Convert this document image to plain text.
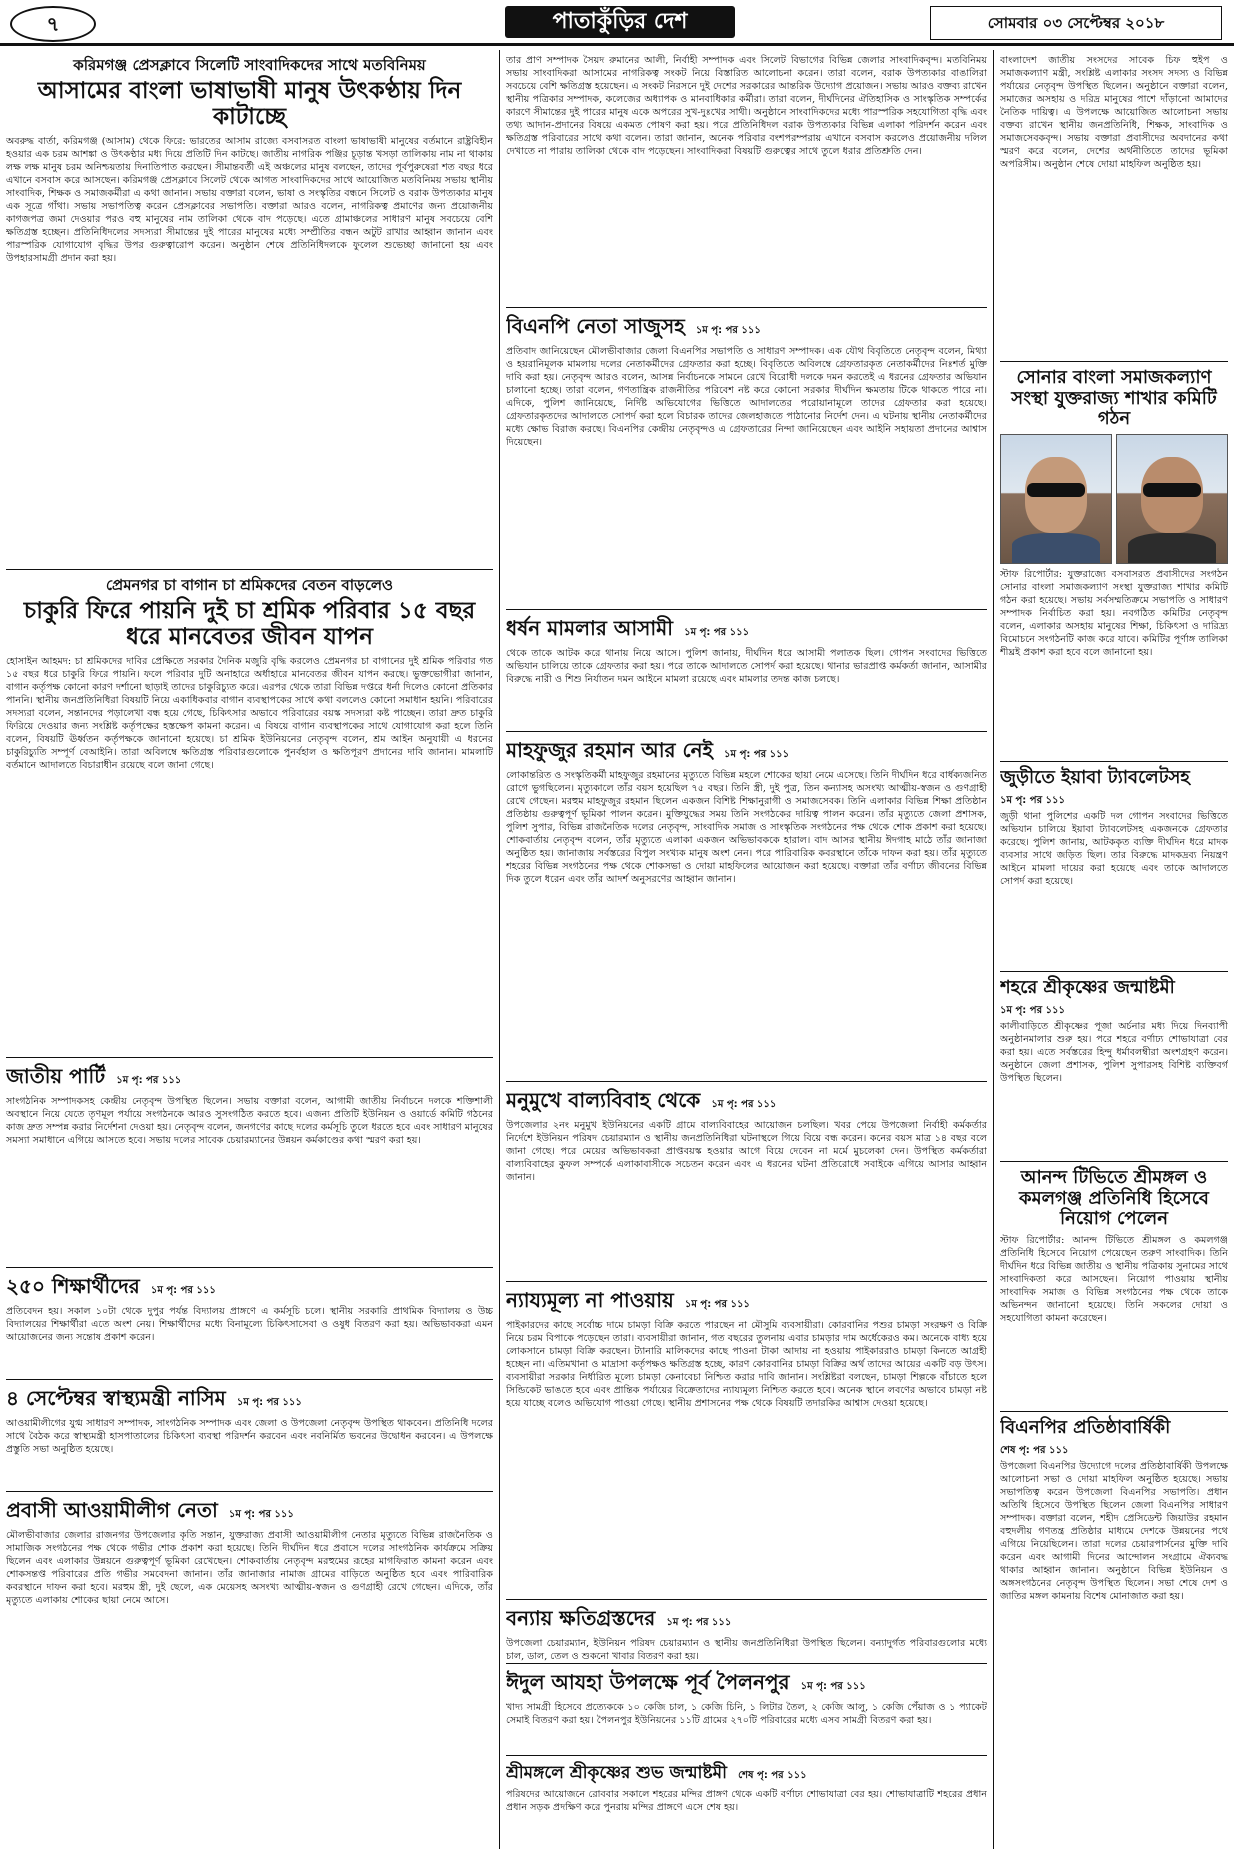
৭	পাতাকুঁড়ির দেশ	সোমবার ০৩ সেপ্টেম্বর ২০১৮
করিমগঞ্জ প্রেসক্লাবে সিলেটি সাংবাদিকদের সাথে মতবিনিময়
আসামের বাংলা ভাষাভাষী মানুষ উৎকণ্ঠায় দিন কাটাচ্ছে

অবরুদ্ধ বার্তা, করিমগঞ্জ (আসাম) থেকে ফিরে: ভারতের আসাম রাজ্যে বসবাসরত বাংলা ভাষাভাষী মানুষের বর্তমানে রাষ্ট্রবিহীন হওয়ার এক চরম আশঙ্কা ও উৎকণ্ঠার মধ্য দিয়ে প্রতিটি দিন কাটছে। জাতীয় নাগরিক পঞ্জির চূড়ান্ত খসড়া তালিকায় নাম না থাকায় লক্ষ লক্ষ মানুষ চরম অনিশ্চয়তায় দিনাতিপাত করছেন। সীমান্তবর্তী এই অঞ্চলের মানুষ বলছেন, তাদের পূর্বপুরুষেরা শত বছর ধরে এখানে বসবাস করে আসছেন। করিমগঞ্জ প্রেসক্লাবে সিলেট থেকে আগত সাংবাদিকদের সাথে আয়োজিত মতবিনিময় সভায় স্থানীয় সাংবাদিক, শিক্ষক ও সমাজকর্মীরা এ কথা জানান। সভায় বক্তারা বলেন, ভাষা ও সংস্কৃতির বন্ধনে সিলেট ও বরাক উপত্যকার মানুষ এক সূত্রে গাঁথা। সভায় সভাপতিত্ব করেন প্রেসক্লাবের সভাপতি। বক্তারা আরও বলেন, নাগরিকত্ব প্রমাণের জন্য প্রয়োজনীয় কাগজপত্র জমা দেওয়ার পরও বহু মানুষের নাম তালিকা থেকে বাদ পড়েছে। এতে গ্রামাঞ্চলের সাধারণ মানুষ সবচেয়ে বেশি ক্ষতিগ্রস্ত হচ্ছেন। প্রতিনিধিদলের সদস্যরা সীমান্তের দুই পারের মানুষের মধ্যে সম্প্রীতির বন্ধন অটুট রাখার আহ্বান জানান এবং পারস্পরিক যোগাযোগ বৃদ্ধির উপর গুরুত্বারোপ করেন। অনুষ্ঠান শেষে প্রতিনিধিদলকে ফুলেল শুভেচ্ছা জানানো হয় এবং উপহারসামগ্রী প্রদান করা হয়।

প্রেমনগর চা বাগান চা শ্রমিকদের বেতন বাড়লেও
চাকুরি ফিরে পায়নি দুই চা শ্রমিক পরিবার ১৫ বছর ধরে মানবেতর জীবন যাপন

হোসাইন আহমদ: চা শ্রমিকদের দাবির প্রেক্ষিতে সরকার দৈনিক মজুরি বৃদ্ধি করলেও প্রেমনগর চা বাগানের দুই শ্রমিক পরিবার গত ১৫ বছর ধরে চাকুরি ফিরে পায়নি। ফলে পরিবার দুটি অনাহারে অর্ধাহারে মানবেতর জীবন যাপন করছে। ভুক্তভোগীরা জানান, বাগান কর্তৃপক্ষ কোনো কারণ দর্শানো ছাড়াই তাদের চাকুরিচ্যুত করে। এরপর থেকে তারা বিভিন্ন দপ্তরে ধর্না দিলেও কোনো প্রতিকার পাননি। স্থানীয় জনপ্রতিনিধিরা বিষয়টি নিয়ে একাধিকবার বাগান ব্যবস্থাপকের সাথে কথা বললেও কোনো সমাধান হয়নি। পরিবারের সদস্যরা বলেন, সন্তানদের পড়ালেখা বন্ধ হয়ে গেছে, চিকিৎসার অভাবে পরিবারের বয়স্ক সদস্যরা কষ্ট পাচ্ছেন। তারা দ্রুত চাকুরি ফিরিয়ে দেওয়ার জন্য সংশ্লিষ্ট কর্তৃপক্ষের হস্তক্ষেপ কামনা করেন। এ বিষয়ে বাগান ব্যবস্থাপকের সাথে যোগাযোগ করা হলে তিনি বলেন, বিষয়টি ঊর্ধ্বতন কর্তৃপক্ষকে জানানো হয়েছে। চা শ্রমিক ইউনিয়নের নেতৃবৃন্দ বলেন, শ্রম আইন অনুযায়ী এ ধরনের চাকুরিচ্যুতি সম্পূর্ণ বেআইনি। তারা অবিলম্বে ক্ষতিগ্রস্ত পরিবারগুলোকে পুনর্বহাল ও ক্ষতিপূরণ প্রদানের দাবি জানান। মামলাটি বর্তমানে আদালতে বিচারাধীন রয়েছে বলে জানা গেছে।

জাতীয় পার্টি ১ম পৃ: পর ১১১

সাংগঠনিক সম্পাদকসহ কেন্দ্রীয় নেতৃবৃন্দ উপস্থিত ছিলেন। সভায় বক্তারা বলেন, আগামী জাতীয় নির্বাচনে দলকে শক্তিশালী অবস্থানে নিয়ে যেতে তৃণমূল পর্যায়ে সংগঠনকে আরও সুসংগঠিত করতে হবে। এজন্য প্রতিটি ইউনিয়ন ও ওয়ার্ডে কমিটি গঠনের কাজ দ্রুত সম্পন্ন করার নির্দেশনা দেওয়া হয়। নেতৃবৃন্দ বলেন, জনগণের কাছে দলের কর্মসূচি তুলে ধরতে হবে এবং সাধারণ মানুষের সমস্যা সমাধানে এগিয়ে আসতে হবে। সভায় দলের সাবেক চেয়ারম্যানের উন্নয়ন কর্মকাণ্ডের কথা স্মরণ করা হয়।

২৫০ শিক্ষার্থীদের ১ম পৃ: পর ১১১

প্রতিবেদন হয়। সকাল ১০টা থেকে দুপুর পর্যন্ত বিদ্যালয় প্রাঙ্গণে এ কর্মসূচি চলে। স্থানীয় সরকারি প্রাথমিক বিদ্যালয় ও উচ্চ বিদ্যালয়ের শিক্ষার্থীরা এতে অংশ নেয়। শিক্ষার্থীদের মধ্যে বিনামূল্যে চিকিৎসাসেবা ও ওষুধ বিতরণ করা হয়। অভিভাবকরা এমন আয়োজনের জন্য সন্তোষ প্রকাশ করেন।

৪ সেপ্টেম্বর স্বাস্থ্যমন্ত্রী নাসিম ১ম পৃ: পর ১১১

আওয়ামীলীগের যুগ্ম সাধারণ সম্পাদক, সাংগঠনিক সম্পাদক এবং জেলা ও উপজেলা নেতৃবৃন্দ উপস্থিত থাকবেন। প্রতিনিধি দলের সাথে বৈঠক করে স্বাস্থ্যমন্ত্রী হাসপাতালের চিকিৎসা ব্যবস্থা পরিদর্শন করবেন এবং নবনির্মিত ভবনের উদ্বোধন করবেন। এ উপলক্ষে প্রস্তুতি সভা অনুষ্ঠিত হয়েছে।

প্রবাসী আওয়ামীলীগ নেতা ১ম পৃ: পর ১১১

মৌলভীবাজার জেলার রাজনগর উপজেলার কৃতি সন্তান, যুক্তরাজ্য প্রবাসী আওয়ামীলীগ নেতার মৃত্যুতে বিভিন্ন রাজনৈতিক ও সামাজিক সংগঠনের পক্ষ থেকে গভীর শোক প্রকাশ করা হয়েছে। তিনি দীর্ঘদিন ধরে প্রবাসে দলের সাংগঠনিক কার্যক্রমে সক্রিয় ছিলেন এবং এলাকার উন্নয়নে গুরুত্বপূর্ণ ভূমিকা রেখেছেন। শোকবার্তায় নেতৃবৃন্দ মরহুমের রূহের মাগফিরাত কামনা করেন এবং শোকসন্তপ্ত পরিবারের প্রতি গভীর সমবেদনা জানান। তাঁর জানাজার নামাজ গ্রামের বাড়িতে অনুষ্ঠিত হবে এবং পারিবারিক কবরস্থানে দাফন করা হবে। মরহুম স্ত্রী, দুই ছেলে, এক মেয়েসহ অসংখ্য আত্মীয়-স্বজন ও গুণগ্রাহী রেখে গেছেন। এদিকে, তাঁর মৃত্যুতে এলাকায় শোকের ছায়া নেমে আসে।

তার প্রাণ সম্পাদক সৈয়দ রুমানের আলী, নির্বাহী সম্পাদক এবং সিলেট বিভাগের বিভিন্ন জেলার সাংবাদিকবৃন্দ। মতবিনিময় সভায় সাংবাদিকরা আসামের নাগরিকত্ব সংকট নিয়ে বিস্তারিত আলোচনা করেন। তারা বলেন, বরাক উপত্যকার বাঙালিরা সবচেয়ে বেশি ক্ষতিগ্রস্ত হয়েছেন। এ সংকট নিরসনে দুই দেশের সরকারের আন্তরিক উদ্যোগ প্রয়োজন। সভায় আরও বক্তব্য রাখেন স্থানীয় পত্রিকার সম্পাদক, কলেজের অধ্যাপক ও মানবাধিকার কর্মীরা। তারা বলেন, দীর্ঘদিনের ঐতিহাসিক ও সাংস্কৃতিক সম্পর্কের কারণে সীমান্তের দুই পারের মানুষ একে অপরের সুখ-দুঃখের সাথী। অনুষ্ঠানে সাংবাদিকদের মধ্যে পারস্পরিক সহযোগিতা বৃদ্ধি এবং তথ্য আদান-প্রদানের বিষয়ে একমত পোষণ করা হয়। পরে প্রতিনিধিদল বরাক উপত্যকার বিভিন্ন এলাকা পরিদর্শন করেন এবং ক্ষতিগ্রস্ত পরিবারের সাথে কথা বলেন। তারা জানান, অনেক পরিবার বংশপরম্পরায় এখানে বসবাস করলেও প্রয়োজনীয় দলিল দেখাতে না পারায় তালিকা থেকে বাদ পড়েছেন। সাংবাদিকরা বিষয়টি গুরুত্বের সাথে তুলে ধরার প্রতিশ্রুতি দেন।

বিএনপি নেতা সাজুসহ ১ম পৃ: পর ১১১

প্রতিবাদ জানিয়েছেন মৌলভীবাজার জেলা বিএনপির সভাপতি ও সাধারণ সম্পাদক। এক যৌথ বিবৃতিতে নেতৃবৃন্দ বলেন, মিথ্যা ও হয়রানিমূলক মামলায় দলের নেতাকর্মীদের গ্রেফতার করা হচ্ছে। বিবৃতিতে অবিলম্বে গ্রেফতারকৃত নেতাকর্মীদের নিঃশর্ত মুক্তি দাবি করা হয়। নেতৃবৃন্দ আরও বলেন, আসন্ন নির্বাচনকে সামনে রেখে বিরোধী দলকে দমন করতেই এ ধরনের গ্রেফতার অভিযান চালানো হচ্ছে। তারা বলেন, গণতান্ত্রিক রাজনীতির পরিবেশ নষ্ট করে কোনো সরকার দীর্ঘদিন ক্ষমতায় টিকে থাকতে পারে না। এদিকে, পুলিশ জানিয়েছে, নির্দিষ্ট অভিযোগের ভিত্তিতে আদালতের পরোয়ানামূলে তাদের গ্রেফতার করা হয়েছে। গ্রেফতারকৃতদের আদালতে সোপর্দ করা হলে বিচারক তাদের জেলহাজতে পাঠানোর নির্দেশ দেন। এ ঘটনায় স্থানীয় নেতাকর্মীদের মধ্যে ক্ষোভ বিরাজ করছে। বিএনপির কেন্দ্রীয় নেতৃবৃন্দও এ গ্রেফতারের নিন্দা জানিয়েছেন এবং আইনি সহায়তা প্রদানের আশ্বাস দিয়েছেন।

ধর্ষন মামলার আসামী ১ম পৃ: পর ১১১

থেকে তাকে আটক করে থানায় নিয়ে আসে। পুলিশ জানায়, দীর্ঘদিন ধরে আসামী পলাতক ছিল। গোপন সংবাদের ভিত্তিতে অভিযান চালিয়ে তাকে গ্রেফতার করা হয়। পরে তাকে আদালতে সোপর্দ করা হয়েছে। থানার ভারপ্রাপ্ত কর্মকর্তা জানান, আসামীর বিরুদ্ধে নারী ও শিশু নির্যাতন দমন আইনে মামলা রয়েছে এবং মামলার তদন্ত কাজ চলছে।

মাহফুজুর রহমান আর নেই ১ম পৃ: পর ১১১

লোকান্তরিত ও সংস্কৃতিকর্মী মাহফুজুর রহমানের মৃত্যুতে বিভিন্ন মহলে শোকের ছায়া নেমে এসেছে। তিনি দীর্ঘদিন ধরে বার্ধক্যজনিত রোগে ভুগছিলেন। মৃত্যুকালে তাঁর বয়স হয়েছিল ৭৫ বছর। তিনি স্ত্রী, দুই পুত্র, তিন কন্যাসহ অসংখ্য আত্মীয়-স্বজন ও গুণগ্রাহী রেখে গেছেন। মরহুম মাহফুজুর রহমান ছিলেন একজন বিশিষ্ট শিক্ষানুরাগী ও সমাজসেবক। তিনি এলাকার বিভিন্ন শিক্ষা প্রতিষ্ঠান প্রতিষ্ঠায় গুরুত্বপূর্ণ ভূমিকা পালন করেন। মুক্তিযুদ্ধের সময় তিনি সংগঠকের দায়িত্ব পালন করেন। তাঁর মৃত্যুতে জেলা প্রশাসক, পুলিশ সুপার, বিভিন্ন রাজনৈতিক দলের নেতৃবৃন্দ, সাংবাদিক সমাজ ও সাংস্কৃতিক সংগঠনের পক্ষ থেকে শোক প্রকাশ করা হয়েছে। শোকবার্তায় নেতৃবৃন্দ বলেন, তাঁর মৃত্যুতে এলাকা একজন অভিভাবককে হারাল। বাদ আসর স্থানীয় ঈদগাহ মাঠে তাঁর জানাজা অনুষ্ঠিত হয়। জানাজায় সর্বস্তরের বিপুল সংখ্যক মানুষ অংশ নেন। পরে পারিবারিক কবরস্থানে তাঁকে দাফন করা হয়। তাঁর মৃত্যুতে শহরের বিভিন্ন সংগঠনের পক্ষ থেকে শোকসভা ও দোয়া মাহফিলের আয়োজন করা হয়েছে। বক্তারা তাঁর বর্ণাঢ্য জীবনের বিভিন্ন দিক তুলে ধরেন এবং তাঁর আদর্শ অনুসরণের আহ্বান জানান।

মনুমুখে বাল্যবিবাহ থেকে ১ম পৃ: পর ১১১

উপজেলার ২নং মনুমুখ ইউনিয়নের একটি গ্রামে বাল্যবিবাহের আয়োজন চলছিল। খবর পেয়ে উপজেলা নির্বাহী কর্মকর্তার নির্দেশে ইউনিয়ন পরিষদ চেয়ারম্যান ও স্থানীয় জনপ্রতিনিধিরা ঘটনাস্থলে গিয়ে বিয়ে বন্ধ করেন। কনের বয়স মাত্র ১৪ বছর বলে জানা গেছে। পরে মেয়ের অভিভাবকরা প্রাপ্তবয়স্ক হওয়ার আগে বিয়ে দেবেন না মর্মে মুচলেকা দেন। উপস্থিত কর্মকর্তারা বাল্যবিবাহের কুফল সম্পর্কে এলাকাবাসীকে সচেতন করেন এবং এ ধরনের ঘটনা প্রতিরোধে সবাইকে এগিয়ে আসার আহ্বান জানান।

ন্যায্যমূল্য না পাওয়ায় ১ম পৃ: পর ১১১

পাইকারদের কাছে সর্বোচ্চ দামে চামড়া বিক্রি করতে পারছেন না মৌসুমি ব্যবসায়ীরা। কোরবানির পশুর চামড়া সংরক্ষণ ও বিক্রি নিয়ে চরম বিপাকে পড়েছেন তারা। ব্যবসায়ীরা জানান, গত বছরের তুলনায় এবার চামড়ার দাম অর্ধেকেরও কম। অনেকে বাধ্য হয়ে লোকসানে চামড়া বিক্রি করছেন। ট্যানারি মালিকদের কাছে পাওনা টাকা আদায় না হওয়ায় পাইকাররাও চামড়া কিনতে আগ্রহী হচ্ছেন না। এতিমখানা ও মাদ্রাসা কর্তৃপক্ষও ক্ষতিগ্রস্ত হচ্ছে, কারণ কোরবানির চামড়া বিক্রির অর্থ তাদের আয়ের একটি বড় উৎস। ব্যবসায়ীরা সরকার নির্ধারিত মূল্যে চামড়া কেনাবেচা নিশ্চিত করার দাবি জানান। সংশ্লিষ্টরা বলছেন, চামড়া শিল্পকে বাঁচাতে হলে সিন্ডিকেট ভাঙতে হবে এবং প্রান্তিক পর্যায়ের বিক্রেতাদের ন্যায্যমূল্য নিশ্চিত করতে হবে। অনেক স্থানে লবণের অভাবে চামড়া নষ্ট হয়ে যাচ্ছে বলেও অভিযোগ পাওয়া গেছে। স্থানীয় প্রশাসনের পক্ষ থেকে বিষয়টি তদারকির আশ্বাস দেওয়া হয়েছে।

বন্যায় ক্ষতিগ্রস্তদের ১ম পৃ: পর ১১১

উপজেলা চেয়ারম্যান, ইউনিয়ন পরিষদ চেয়ারম্যান ও স্থানীয় জনপ্রতিনিধিরা উপস্থিত ছিলেন। বন্যাদুর্গত পরিবারগুলোর মধ্যে চাল, ডাল, তেল ও শুকনো খাবার বিতরণ করা হয়।

ঈদুল আযহা উপলক্ষে পূর্ব পৈলনপুর ১ম পৃ: পর ১১১

খাদ্য সামগ্রী হিসেবে প্রত্যেককে ১০ কেজি চাল, ১ কেজি চিনি, ১ লিটার তৈল, ২ কেজি আলু, ১ কেজি পেঁয়াজ ও ১ প্যাকেট সেমাই বিতরণ করা হয়। পৈলনপুর ইউনিয়নের ১১টি গ্রামের ২৭০টি পরিবারের মধ্যে এসব সামগ্রী বিতরণ করা হয়।

শ্রীমঙ্গলে শ্রীকৃষ্ণের শুভ জন্মাষ্টমী শেষ পৃ: পর ১১১

পরিষদের আয়োজনে রোববার সকালে শহরের মন্দির প্রাঙ্গণ থেকে একটি বর্ণাঢ্য শোভাযাত্রা বের হয়। শোভাযাত্রাটি শহরের প্রধান প্রধান সড়ক প্রদক্ষিণ করে পুনরায় মন্দির প্রাঙ্গণে এসে শেষ হয়।

বাংলাদেশ জাতীয় সংসদের সাবেক চিফ হুইপ ও সমাজকল্যাণ মন্ত্রী, সংশ্লিষ্ট এলাকার সংসদ সদস্য ও বিভিন্ন পর্যায়ের নেতৃবৃন্দ উপস্থিত ছিলেন। অনুষ্ঠানে বক্তারা বলেন, সমাজের অসহায় ও দরিদ্র মানুষের পাশে দাঁড়ানো আমাদের নৈতিক দায়িত্ব। এ উপলক্ষে আয়োজিত আলোচনা সভায় বক্তব্য রাখেন স্থানীয় জনপ্রতিনিধি, শিক্ষক, সাংবাদিক ও সমাজসেবকবৃন্দ। সভায় বক্তারা প্রবাসীদের অবদানের কথা স্মরণ করে বলেন, দেশের অর্থনীতিতে তাদের ভূমিকা অপরিসীম। অনুষ্ঠান শেষে দোয়া মাহফিল অনুষ্ঠিত হয়।

সোনার বাংলা সমাজকল্যাণ সংস্থা যুক্তরাজ্য শাখার কমিটি গঠন

স্টাফ রিপোর্টার: যুক্তরাজ্যে বসবাসরত প্রবাসীদের সংগঠন সোনার বাংলা সমাজকল্যাণ সংস্থা যুক্তরাজ্য শাখার কমিটি গঠন করা হয়েছে। সভায় সর্বসম্মতিক্রমে সভাপতি ও সাধারণ সম্পাদক নির্বাচিত করা হয়। নবগঠিত কমিটির নেতৃবৃন্দ বলেন, এলাকার অসহায় মানুষের শিক্ষা, চিকিৎসা ও দারিদ্র্য বিমোচনে সংগঠনটি কাজ করে যাবে। কমিটির পূর্ণাঙ্গ তালিকা শীঘ্রই প্রকাশ করা হবে বলে জানানো হয়।

জুড়ীতে ইয়াবা ট্যাবলেটসহ
১ম পৃ: পর ১১১

জুড়ী থানা পুলিশের একটি দল গোপন সংবাদের ভিত্তিতে অভিযান চালিয়ে ইয়াবা ট্যাবলেটসহ একজনকে গ্রেফতার করেছে। পুলিশ জানায়, আটককৃত ব্যক্তি দীর্ঘদিন ধরে মাদক ব্যবসার সাথে জড়িত ছিল। তার বিরুদ্ধে মাদকদ্রব্য নিয়ন্ত্রণ আইনে মামলা দায়ের করা হয়েছে এবং তাকে আদালতে সোপর্দ করা হয়েছে।

শহরে শ্রীকৃষ্ণের জন্মাষ্টমী
১ম পৃ: পর ১১১

কালীবাড়িতে শ্রীকৃষ্ণের পূজা অর্চনার মধ্য দিয়ে দিনব্যাপী অনুষ্ঠানমালার শুরু হয়। পরে শহরে বর্ণাঢ্য শোভাযাত্রা বের করা হয়। এতে সর্বস্তরের হিন্দু ধর্মাবলম্বীরা অংশগ্রহণ করেন। অনুষ্ঠানে জেলা প্রশাসক, পুলিশ সুপারসহ বিশিষ্ট ব্যক্তিবর্গ উপস্থিত ছিলেন।

আনন্দ টিভিতে শ্রীমঙ্গল ও কমলগঞ্জ প্রতিনিধি হিসেবে নিয়োগ পেলেন

স্টাফ রিপোর্টার: আনন্দ টিভিতে শ্রীমঙ্গল ও কমলগঞ্জ প্রতিনিধি হিসেবে নিয়োগ পেয়েছেন তরুণ সাংবাদিক। তিনি দীর্ঘদিন ধরে বিভিন্ন জাতীয় ও স্থানীয় পত্রিকায় সুনামের সাথে সাংবাদিকতা করে আসছেন। নিয়োগ পাওয়ায় স্থানীয় সাংবাদিক সমাজ ও বিভিন্ন সংগঠনের পক্ষ থেকে তাকে অভিনন্দন জানানো হয়েছে। তিনি সকলের দোয়া ও সহযোগিতা কামনা করেছেন।

বিএনপির প্রতিষ্ঠাবার্ষিকী
শেষ পৃ: পর ১১১

উপজেলা বিএনপির উদ্যোগে দলের প্রতিষ্ঠাবার্ষিকী উপলক্ষে আলোচনা সভা ও দোয়া মাহফিল অনুষ্ঠিত হয়েছে। সভায় সভাপতিত্ব করেন উপজেলা বিএনপির সভাপতি। প্রধান অতিথি হিসেবে উপস্থিত ছিলেন জেলা বিএনপির সাধারণ সম্পাদক। বক্তারা বলেন, শহীদ প্রেসিডেন্ট জিয়াউর রহমান বহুদলীয় গণতন্ত্র প্রতিষ্ঠার মাধ্যমে দেশকে উন্নয়নের পথে এগিয়ে নিয়েছিলেন। তারা দলের চেয়ারপার্সনের মুক্তি দাবি করেন এবং আগামী দিনের আন্দোলন সংগ্রামে ঐক্যবদ্ধ থাকার আহ্বান জানান। অনুষ্ঠানে বিভিন্ন ইউনিয়ন ও অঙ্গসংগঠনের নেতৃবৃন্দ উপস্থিত ছিলেন। সভা শেষে দেশ ও জাতির মঙ্গল কামনায় বিশেষ মোনাজাত করা হয়।
